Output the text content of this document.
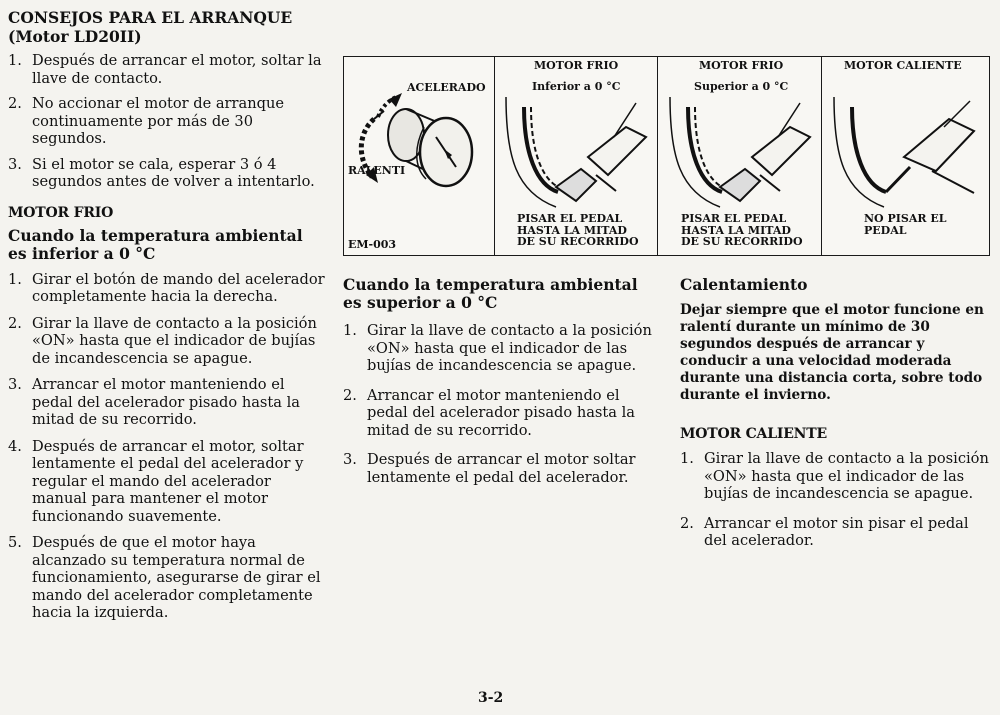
CONSEJOS PARA EL ARRANQUE

(Motor LD20II)

1. Después de arrancar el motor, soltar la llave de contacto.
2. No accionar el motor de arranque continuamente por más de 30 segundos.
3. Si el motor se cala, esperar 3 ó 4 segundos antes de volver a intentarlo.

MOTOR FRIO

Cuando la temperatura ambiental es inferior a 0 °C

1. Girar el botón de mando del acelerador completamente hacia la derecha.
2. Girar la llave de contacto a la posición «ON» hasta que el indicador de bujías de incandescencia se apague.
3. Arrancar el motor manteniendo el pedal del acelerador pisado hasta la mitad de su recorrido.
4. Después de arrancar el motor, soltar lentamente el pedal del acelerador y regular el mando del acelerador manual para mantener el motor funcionando suavemente.
5. Después de que el motor haya alcanzado su temperatura normal de funcionamiento, asegurarse de girar el mando del acelerador completamente hacia la izquierda.
ACELERADO
RALENTI
EM-003
MOTOR FRIO
Inferior a 0 °C
PISAR EL PEDAL
HASTA LA MITAD
DE SU RECORRIDO
MOTOR FRIO
Superior a 0 °C
PISAR EL PEDAL
HASTA LA MITAD
DE SU RECORRIDO
MOTOR CALIENTE
NO PISAR EL
PEDAL

Cuando la temperatura ambiental es superior a 0 °C

1. Girar la llave de contacto a la posición «ON» hasta que el indicador de las bujías de incandescencia se apague.
2. Arrancar el motor manteniendo el pedal del acelerador pisado hasta la mitad de su recorrido.
3. Después de arrancar el motor soltar lentamente el pedal del acelerador.

Calentamiento

Dejar siempre que el motor funcione en ralentí durante un mínimo de 30 segundos después de arrancar y conducir a una velocidad moderada durante una distancia corta, sobre todo durante el invierno.

MOTOR CALIENTE

1. Girar la llave de contacto a la posición «ON» hasta que el indicador de las bujías de incandescencia se apague.
2. Arrancar el motor sin pisar el pedal del acelerador.
3-2
